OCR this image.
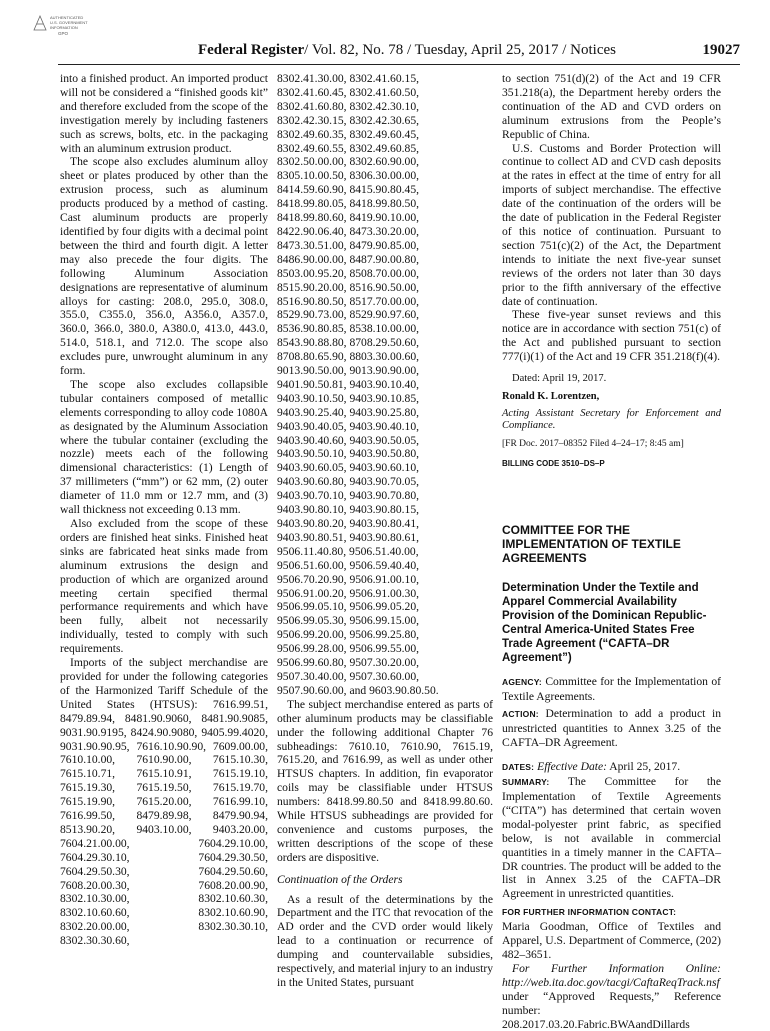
AUTHENTICATED
U.S. GOVERNMENT
INFORMATION
GPO
Federal Register/ Vol. 82, No. 78 / Tuesday, April 25, 2017 / Notices	19027

into a finished product. An imported product will not be considered a “finished goods kit” and therefore excluded from the scope of the investigation merely by including fasteners such as screws, bolts, etc. in the packaging with an aluminum extrusion product.

The scope also excludes aluminum alloy sheet or plates produced by other than the extrusion process, such as aluminum products produced by a method of casting. Cast aluminum products are properly identified by four digits with a decimal point between the third and fourth digit. A letter may also precede the four digits. The following Aluminum Association designations are representative of aluminum alloys for casting: 208.0, 295.0, 308.0, 355.0, C355.0, 356.0, A356.0, A357.0, 360.0, 366.0, 380.0, A380.0, 413.0, 443.0, 514.0, 518.1, and 712.0. The scope also excludes pure, unwrought aluminum in any form.

The scope also excludes collapsible tubular containers composed of metallic elements corresponding to alloy code 1080A as designated by the Aluminum Association where the tubular container (excluding the nozzle) meets each of the following dimensional characteristics: (1) Length of 37 millimeters (“mm”) or 62 mm, (2) outer diameter of 11.0 mm or 12.7 mm, and (3) wall thickness not exceeding 0.13 mm.

Also excluded from the scope of these orders are finished heat sinks. Finished heat sinks are fabricated heat sinks made from aluminum extrusions the design and production of which are organized around meeting certain specified thermal performance requirements and which have been fully, albeit not necessarily individually, tested to comply with such requirements.

Imports of the subject merchandise are provided for under the following categories of the Harmonized Tariff Schedule of the United States (HTSUS): 7616.99.51, 8479.89.94, 8481.90.9060, 8481.90.9085, 9031.90.9195, 8424.90.9080, 9405.99.4020, 9031.90.90.95, 7616.10.90.90, 7609.00.00, 7610.10.00, 7610.90.00, 7615.10.30, 7615.10.71, 7615.10.91, 7615.19.10, 7615.19.30, 7615.19.50, 7615.19.70, 7615.19.90, 7615.20.00, 7616.99.10, 7616.99.50, 8479.89.98, 8479.90.94, 8513.90.20, 9403.10.00, 9403.20.00, 7604.21.00.00, 7604.29.10.00, 7604.29.30.10, 7604.29.30.50, 7604.29.50.30, 7604.29.50.60, 7608.20.00.30, 7608.20.00.90, 8302.10.30.00, 8302.10.60.30, 8302.10.60.60, 8302.10.60.90, 8302.20.00.00, 8302.30.30.10, 8302.30.30.60,

8302.41.30.00, 8302.41.60.15,
8302.41.60.45, 8302.41.60.50,
8302.41.60.80, 8302.42.30.10,
8302.42.30.15, 8302.42.30.65,
8302.49.60.35, 8302.49.60.45,
8302.49.60.55, 8302.49.60.85,
8302.50.00.00, 8302.60.90.00,
8305.10.00.50, 8306.30.00.00,
8414.59.60.90, 8415.90.80.45,
8418.99.80.05, 8418.99.80.50,
8418.99.80.60, 8419.90.10.00,
8422.90.06.40, 8473.30.20.00,
8473.30.51.00, 8479.90.85.00,
8486.90.00.00, 8487.90.00.80,
8503.00.95.20, 8508.70.00.00,
8515.90.20.00, 8516.90.50.00,
8516.90.80.50, 8517.70.00.00,
8529.90.73.00, 8529.90.97.60,
8536.90.80.85, 8538.10.00.00,
8543.90.88.80, 8708.29.50.60,
8708.80.65.90, 8803.30.00.60,
9013.90.50.00, 9013.90.90.00,
9401.90.50.81, 9403.90.10.40,
9403.90.10.50, 9403.90.10.85,
9403.90.25.40, 9403.90.25.80,
9403.90.40.05, 9403.90.40.10,
9403.90.40.60, 9403.90.50.05,
9403.90.50.10, 9403.90.50.80,
9403.90.60.05, 9403.90.60.10,
9403.90.60.80, 9403.90.70.05,
9403.90.70.10, 9403.90.70.80,
9403.90.80.10, 9403.90.80.15,
9403.90.80.20, 9403.90.80.41,
9403.90.80.51, 9403.90.80.61,
9506.11.40.80, 9506.51.40.00,
9506.51.60.00, 9506.59.40.40,
9506.70.20.90, 9506.91.00.10,
9506.91.00.20, 9506.91.00.30,
9506.99.05.10, 9506.99.05.20,
9506.99.05.30, 9506.99.15.00,
9506.99.20.00, 9506.99.25.80,
9506.99.28.00, 9506.99.55.00,
9506.99.60.80, 9507.30.20.00,
9507.30.40.00, 9507.30.60.00,
9507.90.60.00, and 9603.90.80.50.

The subject merchandise entered as parts of other aluminum products may be classifiable under the following additional Chapter 76 subheadings: 7610.10, 7610.90, 7615.19, 7615.20, and 7616.99, as well as under other HTSUS chapters. In addition, fin evaporator coils may be classifiable under HTSUS numbers: 8418.99.80.50 and 8418.99.80.60. While HTSUS subheadings are provided for convenience and customs purposes, the written descriptions of the scope of these orders are dispositive.

Continuation of the Orders

As a result of the determinations by the Department and the ITC that revocation of the AD order and the CVD order would likely lead to a continuation or recurrence of dumping and countervailable subsidies, respectively, and material injury to an industry in the United States, pursuant

to section 751(d)(2) of the Act and 19 CFR 351.218(a), the Department hereby orders the continuation of the AD and CVD orders on aluminum extrusions from the People’s Republic of China.

U.S. Customs and Border Protection will continue to collect AD and CVD cash deposits at the rates in effect at the time of entry for all imports of subject merchandise. The effective date of the continuation of the orders will be the date of publication in the Federal Register of this notice of continuation. Pursuant to section 751(c)(2) of the Act, the Department intends to initiate the next five-year sunset reviews of the orders not later than 30 days prior to the fifth anniversary of the effective date of continuation.

These five-year sunset reviews and this notice are in accordance with section 751(c) of the Act and published pursuant to section 777(i)(1) of the Act and 19 CFR 351.218(f)(4).

Dated: April 19, 2017.

Ronald K. Lorentzen,

Acting Assistant Secretary for Enforcement and Compliance.

[FR Doc. 2017–08352 Filed 4–24–17; 8:45 am]

BILLING CODE 3510–DS–P

COMMITTEE FOR THE IMPLEMENTATION OF TEXTILE AGREEMENTS

Determination Under the Textile and Apparel Commercial Availability Provision of the Dominican Republic-Central America-United States Free Trade Agreement (“CAFTA–DR Agreement”)

AGENCY: Committee for the Implementation of Textile Agreements.

ACTION: Determination to add a product in unrestricted quantities to Annex 3.25 of the CAFTA–DR Agreement.

DATES: Effective Date: April 25, 2017.

SUMMARY: The Committee for the Implementation of Textile Agreements (“CITA”) has determined that certain woven modal-polyester print fabric, as specified below, is not available in commercial quantities in a timely manner in the CAFTA–DR countries. The product will be added to the list in Annex 3.25 of the CAFTA–DR Agreement in unrestricted quantities.

FOR FURTHER INFORMATION CONTACT:
Maria Goodman, Office of Textiles and Apparel, U.S. Department of Commerce, (202) 482–3651.

For Further Information Online: http://web.ita.doc.gov/tacgi/CaftaReqTrack.nsf under “Approved Requests,” Reference number: 208.2017.03.20.Fabric.BWAandDillards
